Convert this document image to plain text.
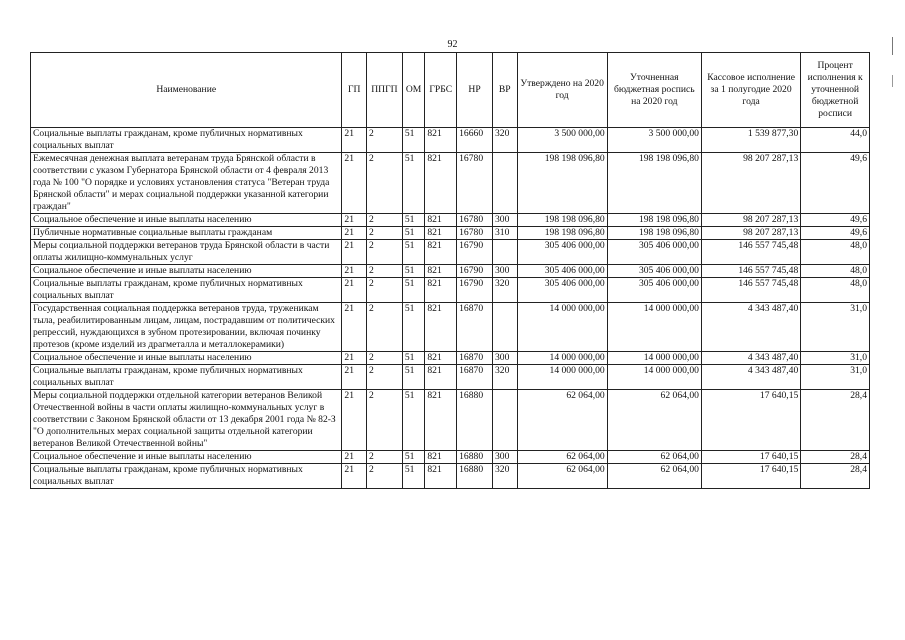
92
Наименование	ГП	ППГП	ОМ	ГРБС	НР	ВР	Утверждено на 2020 год	Уточненная бюджетная роспись на 2020 год	Кассовое исполнение за 1 полугодие 2020 года	Процент исполнения к уточненной бюджетной росписи
Социальные выплаты гражданам, кроме публичных нормативных социальных выплат	21	2	51	821	16660	320	3 500 000,00	3 500 000,00	1 539 877,30	44,0
Ежемесячная денежная выплата ветеранам труда Брянской области в соответствии с указом Губернатора Брянской области от 4 февраля 2013 года № 100 "О порядке и условиях установления статуса "Ветеран труда Брянской области" и мерах социальной поддержки указанной категории граждан"	21	2	51	821	16780		198 198 096,80	198 198 096,80	98 207 287,13	49,6
Социальное обеспечение и иные выплаты населению	21	2	51	821	16780	300	198 198 096,80	198 198 096,80	98 207 287,13	49,6
Публичные нормативные социальные выплаты гражданам	21	2	51	821	16780	310	198 198 096,80	198 198 096,80	98 207 287,13	49,6
Меры социальной поддержки ветеранов труда Брянской области в части оплаты жилищно-коммунальных услуг	21	2	51	821	16790		305 406 000,00	305 406 000,00	146 557 745,48	48,0
Социальное обеспечение и иные выплаты населению	21	2	51	821	16790	300	305 406 000,00	305 406 000,00	146 557 745,48	48,0
Социальные выплаты гражданам, кроме публичных нормативных социальных выплат	21	2	51	821	16790	320	305 406 000,00	305 406 000,00	146 557 745,48	48,0
Государственная социальная поддержка ветеранов труда, труженикам тыла, реабилитированным лицам, лицам, пострадавшим от политических репрессий, нуждающихся в зубном протезировании, включая починку протезов (кроме изделий из драгметалла и металлокерамики)	21	2	51	821	16870		14 000 000,00	14 000 000,00	4 343 487,40	31,0
Социальное обеспечение и иные выплаты населению	21	2	51	821	16870	300	14 000 000,00	14 000 000,00	4 343 487,40	31,0
Социальные выплаты гражданам, кроме публичных нормативных социальных выплат	21	2	51	821	16870	320	14 000 000,00	14 000 000,00	4 343 487,40	31,0
Меры социальной поддержки отдельной категории ветеранов Великой Отечественной войны в части оплаты жилищно-коммунальных услуг в соответствии с Законом Брянской области от 13 декабря 2001 года № 82-З "О дополнительных мерах социальной защиты отдельной категории ветеранов Великой Отечественной войны"	21	2	51	821	16880		62 064,00	62 064,00	17 640,15	28,4
Социальное обеспечение и иные выплаты населению	21	2	51	821	16880	300	62 064,00	62 064,00	17 640,15	28,4
Социальные выплаты гражданам, кроме публичных нормативных социальных выплат	21	2	51	821	16880	320	62 064,00	62 064,00	17 640,15	28,4
